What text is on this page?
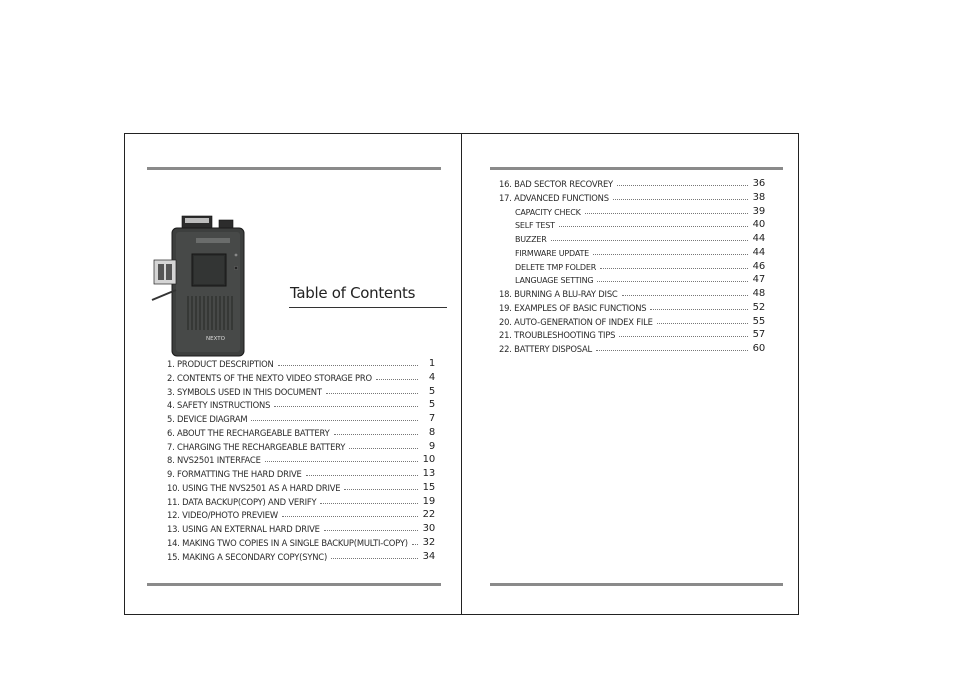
NEXTO
Table of Contents
1. PRODUCT DESCRIPTION	1
2. CONTENTS OF THE NEXTO VIDEO STORAGE PRO	4
3. SYMBOLS USED IN THIS DOCUMENT	5
4. SAFETY INSTRUCTIONS	5
5. DEVICE DIAGRAM	7
6. ABOUT THE RECHARGEABLE BATTERY	8
7. CHARGING THE RECHARGEABLE BATTERY	9
8. NVS2501 INTERFACE	10
9. FORMATTING THE HARD DRIVE	13
10. USING THE NVS2501 AS A HARD DRIVE	15
11. DATA BACKUP(COPY) AND VERIFY	19
12. VIDEO/PHOTO PREVIEW	22
13. USING AN EXTERNAL HARD DRIVE	30
14. MAKING TWO COPIES IN A SINGLE BACKUP(MULTI-COPY) 32
15. MAKING A SECONDARY COPY(SYNC)	34
16. BAD SECTOR RECOVREY	36
17. ADVANCED FUNCTIONS	38
CAPACITY CHECK	39
SELF TEST	40
BUZZER	44
FIRMWARE UPDATE	44
DELETE TMP FOLDER	46
LANGUAGE SETTING	47
18. BURNING A BLU-RAY DISC	48
19. EXAMPLES OF BASIC FUNCTIONS	52
20. AUTO-GENERATION OF INDEX FILE	55
21. TROUBLESHOOTING TIPS	57
22. BATTERY DISPOSAL	60
